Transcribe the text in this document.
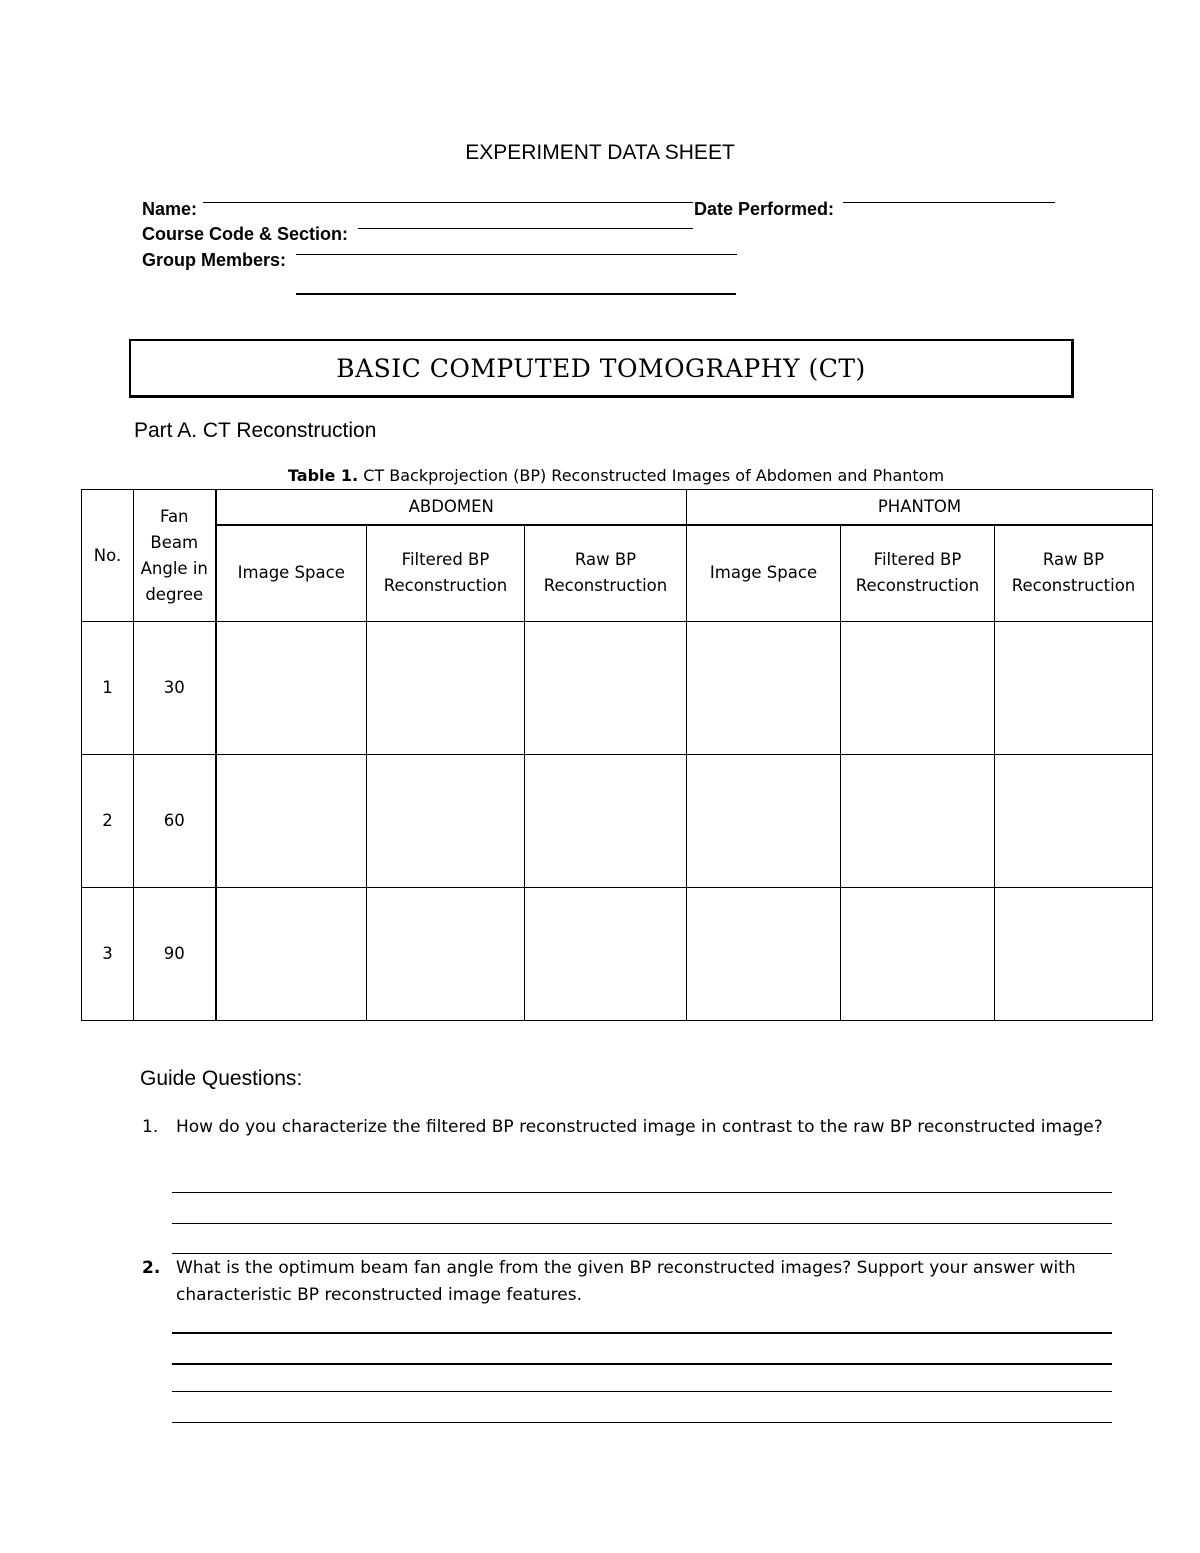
EXPERIMENT DATA SHEET
Name:	Date Performed:
Course Code & Section:
Group Members:
BASIC COMPUTED TOMOGRAPHY (CT)
Part A. CT Reconstruction
Table 1. CT Backprojection (BP) Reconstructed Images of Abdomen and Phantom
No.	Fan Beam Angle in degree	ABDOMEN			PHANTOM		
		Image Space	Filtered BP Reconstruction	Raw BP Reconstruction	Image Space	Filtered BP Reconstruction	Raw BP Reconstruction
1	30						
2	60						
3	90						
Guide Questions:
1. How do you characterize the filtered BP reconstructed image in contrast to the raw BP reconstructed image?
2. What is the optimum beam fan angle from the given BP reconstructed images? Support your answer with characteristic BP reconstructed image features.
